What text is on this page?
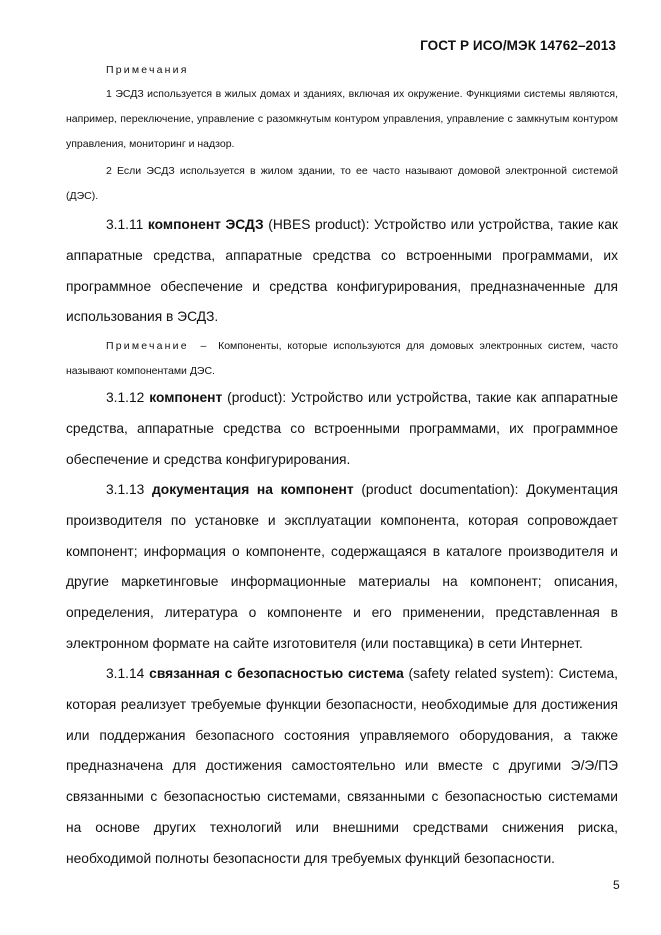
ГОСТ Р ИСО/МЭК 14762–2013
Примечания
1 ЭСДЗ используется в жилых домах и зданиях, включая их окружение. Функциями системы являются, например, переключение, управление с разомкнутым контуром управления, управление с замкнутым контуром управления, мониторинг и надзор.
2 Если ЭСДЗ используется в жилом здании, то ее часто называют домовой электронной системой (ДЭС).
3.1.11 компонент ЭСДЗ (HBES product): Устройство или устройства, такие как аппаратные средства, аппаратные средства со встроенными программами, их программное обеспечение и средства конфигурирования, предназначенные для использования в ЭСДЗ.
Примечание – Компоненты, которые используются для домовых электронных систем, часто называют компонентами ДЭС.
3.1.12 компонент (product): Устройство или устройства, такие как аппаратные средства, аппаратные средства со встроенными программами, их программное обеспечение и средства конфигурирования.
3.1.13 документация на компонент (product documentation): Документация производителя по установке и эксплуатации компонента, которая сопровождает компонент; информация о компоненте, содержащаяся в каталоге производителя и другие маркетинговые информационные материалы на компонент; описания, определения, литература о компоненте и его применении, представленная в электронном формате на сайте изготовителя (или поставщика) в сети Интернет.
3.1.14 связанная с безопасностью система (safety related system): Система, которая реализует требуемые функции безопасности, необходимые для достижения или поддержания безопасного состояния управляемого оборудования, а также предназначена для достижения самостоятельно или вместе с другими Э/Э/ПЭ связанными с безопасностью системами, связанными с безопасностью системами на основе других технологий или внешними средствами снижения риска, необходимой полноты безопасности для требуемых функций безопасности.
5
